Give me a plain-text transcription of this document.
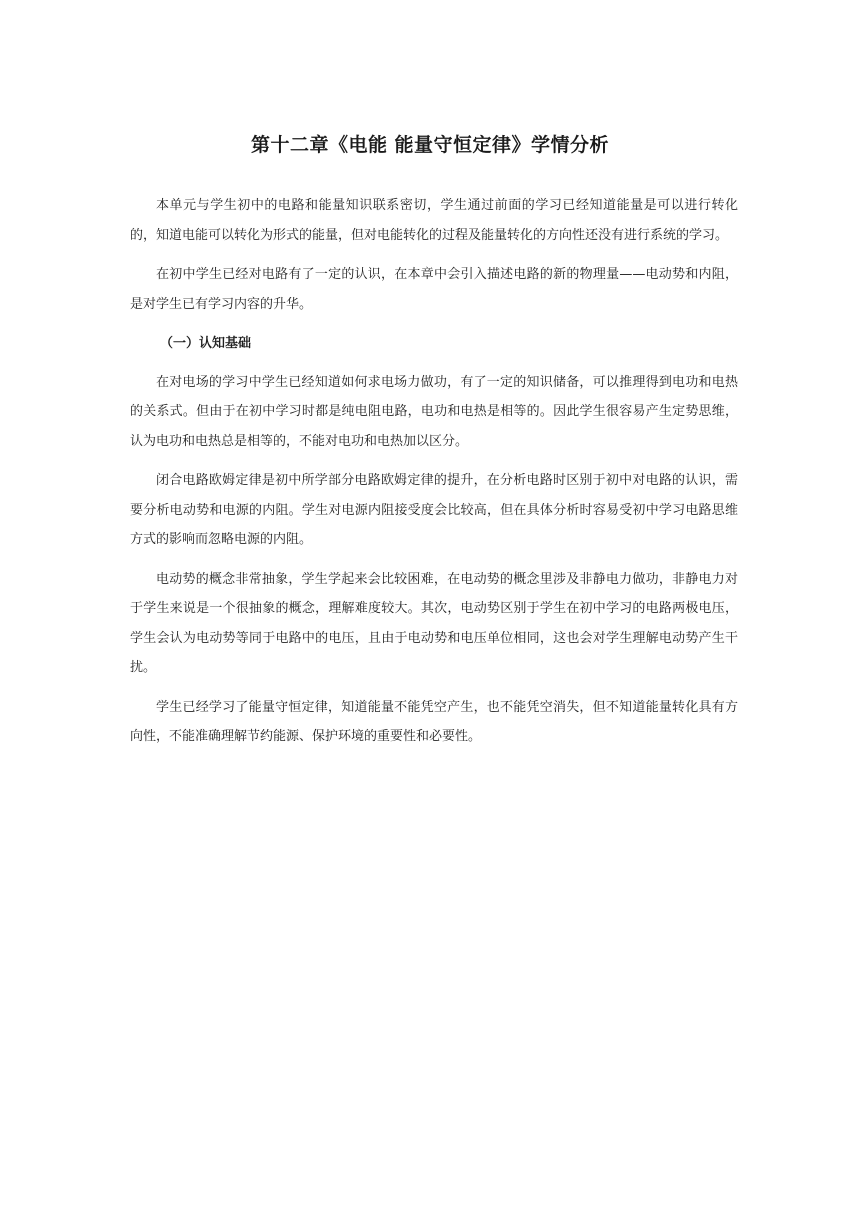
第十二章《电能 能量守恒定律》学情分析

本单元与学生初中的电路和能量知识联系密切，学生通过前面的学习已经知道能量是可以进行转化的，知道电能可以转化为形式的能量，但对电能转化的过程及能量转化的方向性还没有进行系统的学习。

在初中学生已经对电路有了一定的认识，在本章中会引入描述电路的新的物理量——电动势和内阻，是对学生已有学习内容的升华。

（一）认知基础

在对电场的学习中学生已经知道如何求电场力做功，有了一定的知识储备，可以推理得到电功和电热的关系式。但由于在初中学习时都是纯电阻电路，电功和电热是相等的。因此学生很容易产生定势思维，认为电功和电热总是相等的，不能对电功和电热加以区分。

闭合电路欧姆定律是初中所学部分电路欧姆定律的提升，在分析电路时区别于初中对电路的认识，需要分析电动势和电源的内阻。学生对电源内阻接受度会比较高，但在具体分析时容易受初中学习电路思维方式的影响而忽略电源的内阻。

电动势的概念非常抽象，学生学起来会比较困难，在电动势的概念里涉及非静电力做功，非静电力对于学生来说是一个很抽象的概念，理解难度较大。其次，电动势区别于学生在初中学习的电路两极电压，学生会认为电动势等同于电路中的电压，且由于电动势和电压单位相同，这也会对学生理解电动势产生干扰。

学生已经学习了能量守恒定律，知道能量不能凭空产生，也不能凭空消失，但不知道能量转化具有方向性，不能准确理解节约能源、保护环境的重要性和必要性。
